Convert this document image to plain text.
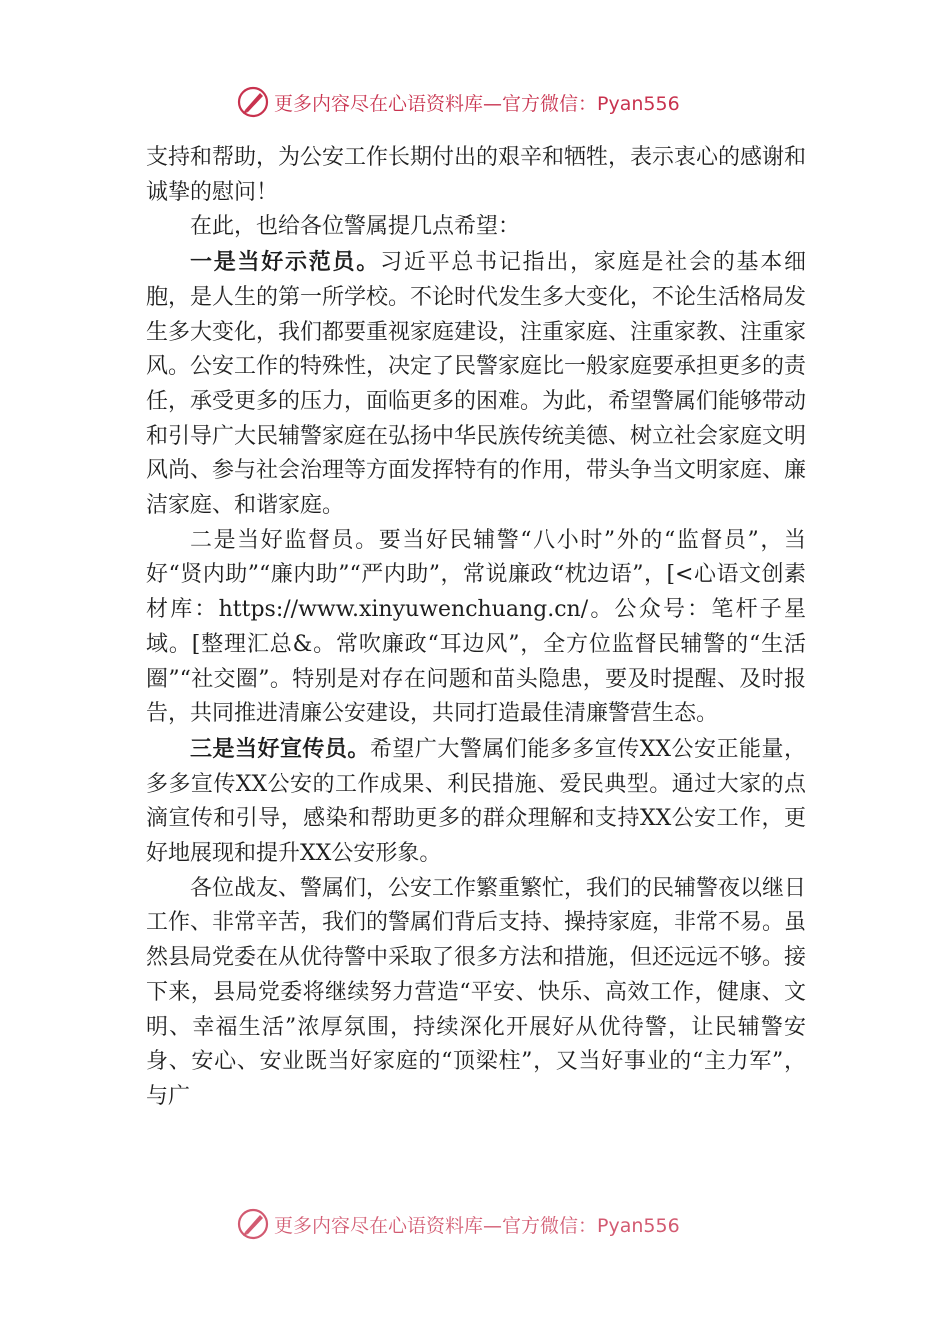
更多内容尽在心语资料库—官方微信：Pyan556

支持和帮助，为公安工作长期付出的艰辛和牺牲，表示衷心的感谢和诚挚的慰问！

在此，也给各位警属提几点希望：

一是当好示范员。习近平总书记指出，家庭是社会的基本细胞，是人生的第一所学校。不论时代发生多大变化，不论生活格局发生多大变化，我们都要重视家庭建设，注重家庭、注重家教、注重家风。公安工作的特殊性，决定了民警家庭比一般家庭要承担更多的责任，承受更多的压力，面临更多的困难。为此，希望警属们能够带动和引导广大民辅警家庭在弘扬中华民族传统美德、树立社会家庭文明风尚、参与社会治理等方面发挥特有的作用，带头争当文明家庭、廉洁家庭、和谐家庭。

二是当好监督员。要当好民辅警“八小时”外的“监督员”，当好“贤内助”“廉内助”“严内助”，常说廉政“枕边语”，[<心语文创素材库：https://www.xinyuwenchuang.cn/。公众号：笔杆子星域。[整理汇总&。常吹廉政“耳边风”，全方位监督民辅警的“生活圈”“社交圈”。特别是对存在问题和苗头隐患，要及时提醒、及时报告，共同推进清廉公安建设，共同打造最佳清廉警营生态。

三是当好宣传员。希望广大警属们能多多宣传XX公安正能量，多多宣传XX公安的工作成果、利民措施、爱民典型。通过大家的点滴宣传和引导，感染和帮助更多的群众理解和支持XX公安工作，更好地展现和提升XX公安形象。

各位战友、警属们，公安工作繁重繁忙，我们的民辅警夜以继日工作、非常辛苦，我们的警属们背后支持、操持家庭，非常不易。虽然县局党委在从优待警中采取了很多方法和措施，但还远远不够。接下来，县局党委将继续努力营造“平安、快乐、高效工作，健康、文明、幸福生活”浓厚氛围，持续深化开展好从优待警，让民辅警安身、安心、安业既当好家庭的“顶梁柱”，又当好事业的“主力军”，与广

更多内容尽在心语资料库—官方微信：Pyan556
